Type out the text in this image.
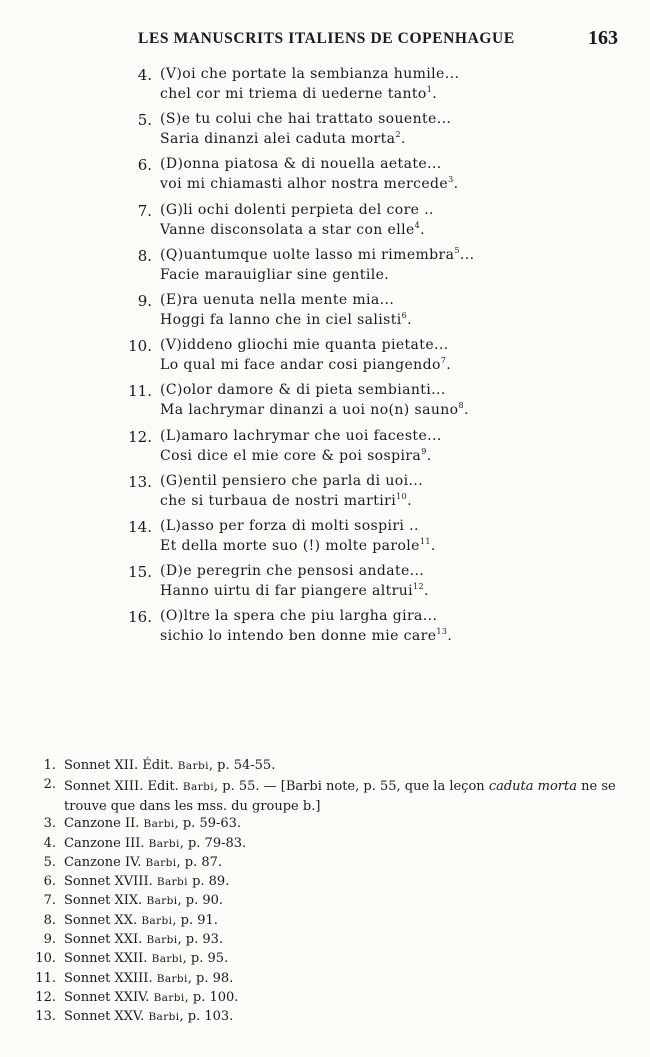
LES MANUSCRITS ITALIENS DE COPENHAGUE	163
4. (V)oi che portate la sembianza humile...
chel cor mi triema di uederne tanto$^1$.
5. (S)e tu colui che hai trattato souente...
Saria dinanzi alei caduta morta$^2$.
6. (D)onna piatosa & di nouella aetate...
voi mi chiamasti alhor nostra mercede$^3$.
7. (G)li ochi dolenti perpieta del core ..
Vanne disconsolata a star con elle$^4$.
8. (Q)uantumque uolte lasso mi rimembra$^5$...
Facie marauigliar sine gentile.
9. (E)ra uenuta nella mente mia...
Hoggi fa lanno che in ciel salisti$^6$.
10. (V)iddeno gliochi mie quanta pietate...
Lo qual mi face andar cosi piangendo$^7$.
11. (C)olor damore & di pieta sembianti...
Ma lachrymar dinanzi a uoi no(n) sauno$^8$.
12. (L)amaro lachrymar che uoi faceste...
Cosi dice el mie core & poi sospira$^9$.
13. (G)entil pensiero che parla di uoi...
che si turbaua de nostri martiri$^{10}$.
14. (L)asso per forza di molti sospiri ..
Et della morte suo (!) molte parole$^{11}$.
15. (D)e peregrin che pensosi andate...
Hanno uirtu di far piangere altrui$^{12}$.
16. (O)ltre la spera che piu largha gira...
sichio lo intendo ben donne mie care$^{13}$.
1. Sonnet XII. Édit. Barbi, p. 54-55.
2. Sonnet XIII. Edit. Barbi, p. 55. — [Barbi note, p. 55, que la leçon caduta morta ne se trouve que dans les mss. du groupe b.]
3. Canzone II. Barbi, p. 59-63.
4. Canzone III. Barbi, p. 79-83.
5. Canzone IV. Barbi, p. 87.
6. Sonnet XVIII. Barbi p. 89.
7. Sonnet XIX. Barbi, p. 90.
8. Sonnet XX. Barbi, p. 91.
9. Sonnet XXI. Barbi, p. 93.
10. Sonnet XXII. Barbi, p. 95.
11. Sonnet XXIII. Barbi, p. 98.
12. Sonnet XXIV. Barbi, p. 100.
13. Sonnet XXV. Barbi, p. 103.
